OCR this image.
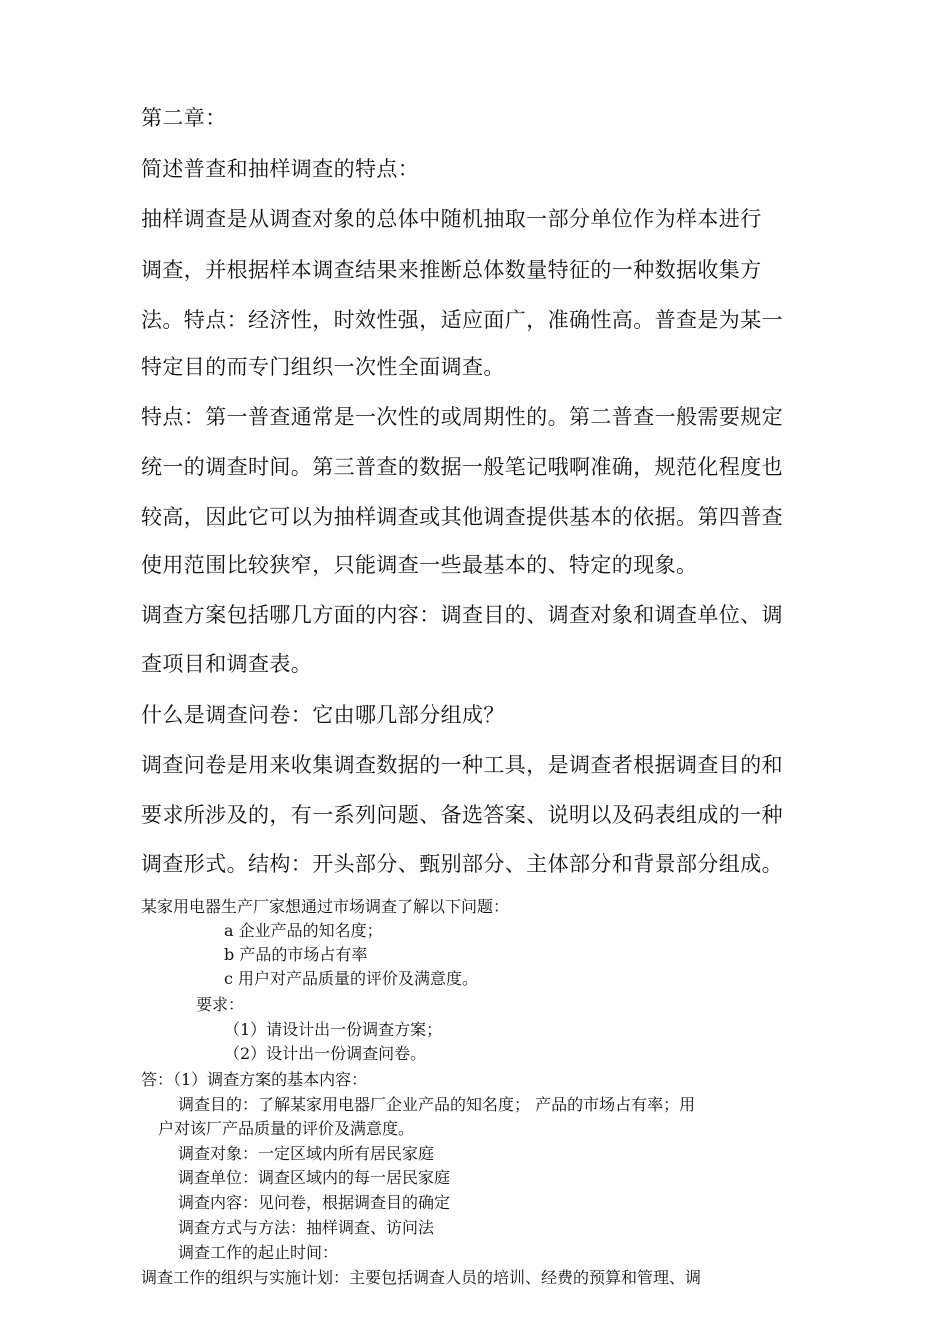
第二章：
简述普查和抽样调查的特点：
抽样调查是从调查对象的总体中随机抽取一部分单位作为样本进行
调查，并根据样本调查结果来推断总体数量特征的一种数据收集方
法。特点：经济性，时效性强，适应面广，准确性高。普查是为某一
特定目的而专门组织一次性全面调查。
特点：第一普查通常是一次性的或周期性的。第二普查一般需要规定
统一的调查时间。第三普查的数据一般笔记哦啊准确，规范化程度也
较高，因此它可以为抽样调查或其他调查提供基本的依据。第四普查
使用范围比较狭窄，只能调查一些最基本的、特定的现象。
调查方案包括哪几方面的内容：调查目的、调查对象和调查单位、调
查项目和调查表。
什么是调查问卷：它由哪几部分组成？
调查问卷是用来收集调查数据的一种工具，是调查者根据调查目的和
要求所涉及的，有一系列问题、备选答案、说明以及码表组成的一种
调查形式。结构：开头部分、甄别部分、主体部分和背景部分组成。
某家用电器生产厂家想通过市场调查了解以下问题：
a 企业产品的知名度；
b 产品的市场占有率
c 用户对产品质量的评价及满意度。
要求：
（1）请设计出一份调查方案；
（2）设计出一份调查问卷。
答：（1）调查方案的基本内容：
调查目的：了解某家用电器厂企业产品的知名度； 产品的市场占有率；用
户对该厂产品质量的评价及满意度。
调查对象：一定区域内所有居民家庭
调查单位：调查区域内的每一居民家庭
调查内容：见问卷，根据调查目的确定
调查方式与方法：抽样调查、访问法
调查工作的起止时间：
调查工作的组织与实施计划：主要包括调查人员的培训、经费的预算和管理、调
